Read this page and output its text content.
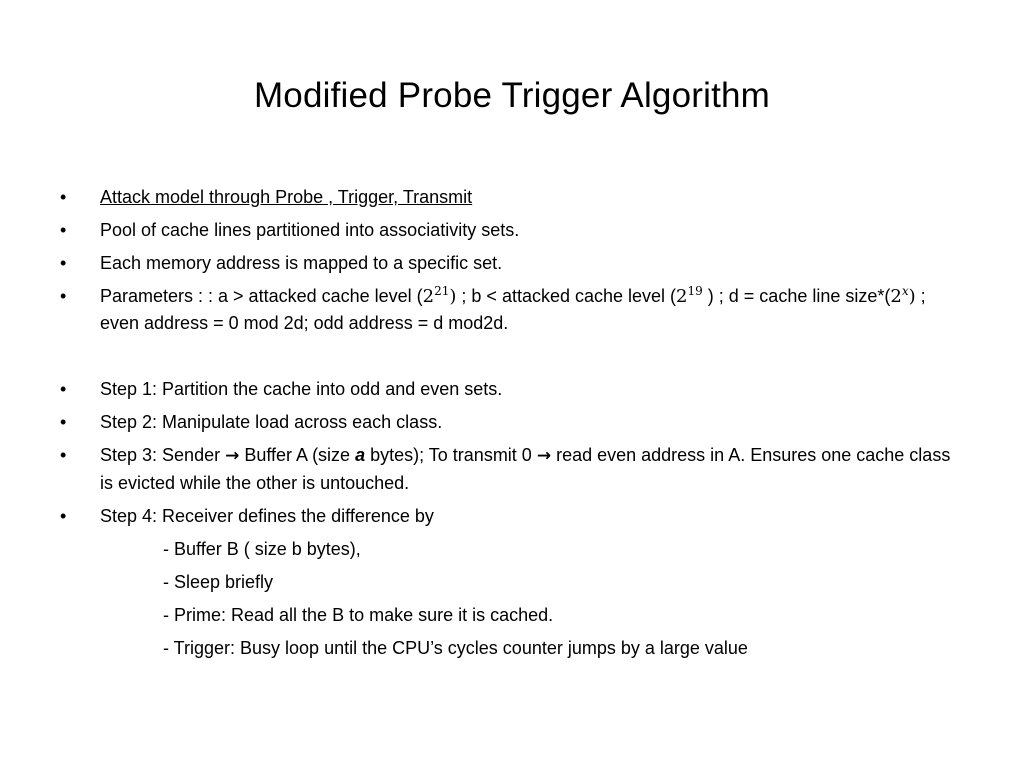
Modified Probe Trigger Algorithm
•	Attack model through Probe , Trigger, Transmit
•	Pool of cache lines partitioned into associativity sets.
•	Each memory address is mapped to a specific set.
•	Parameters : : a > attacked cache level $(2^{21})$ ; b < attacked cache level ($2^{19}$ ) ; d = cache line size*(2$^x$) ; even address = 0 mod 2d; odd address = d mod2d.
•	Step 1: Partition the cache into odd and even sets.
•	Step 2: Manipulate load across each class.
•	Step 3: Sender → Buffer A (size a bytes); To transmit 0 → read even address in A. Ensures one cache class is evicted while the other is untouched.
•	Step 4: Receiver defines the difference by
- Buffer B ( size b bytes),
- Sleep briefly
- Prime: Read all the B to make sure it is cached.
- Trigger: Busy loop until the CPU’s cycles counter jumps by a large value
